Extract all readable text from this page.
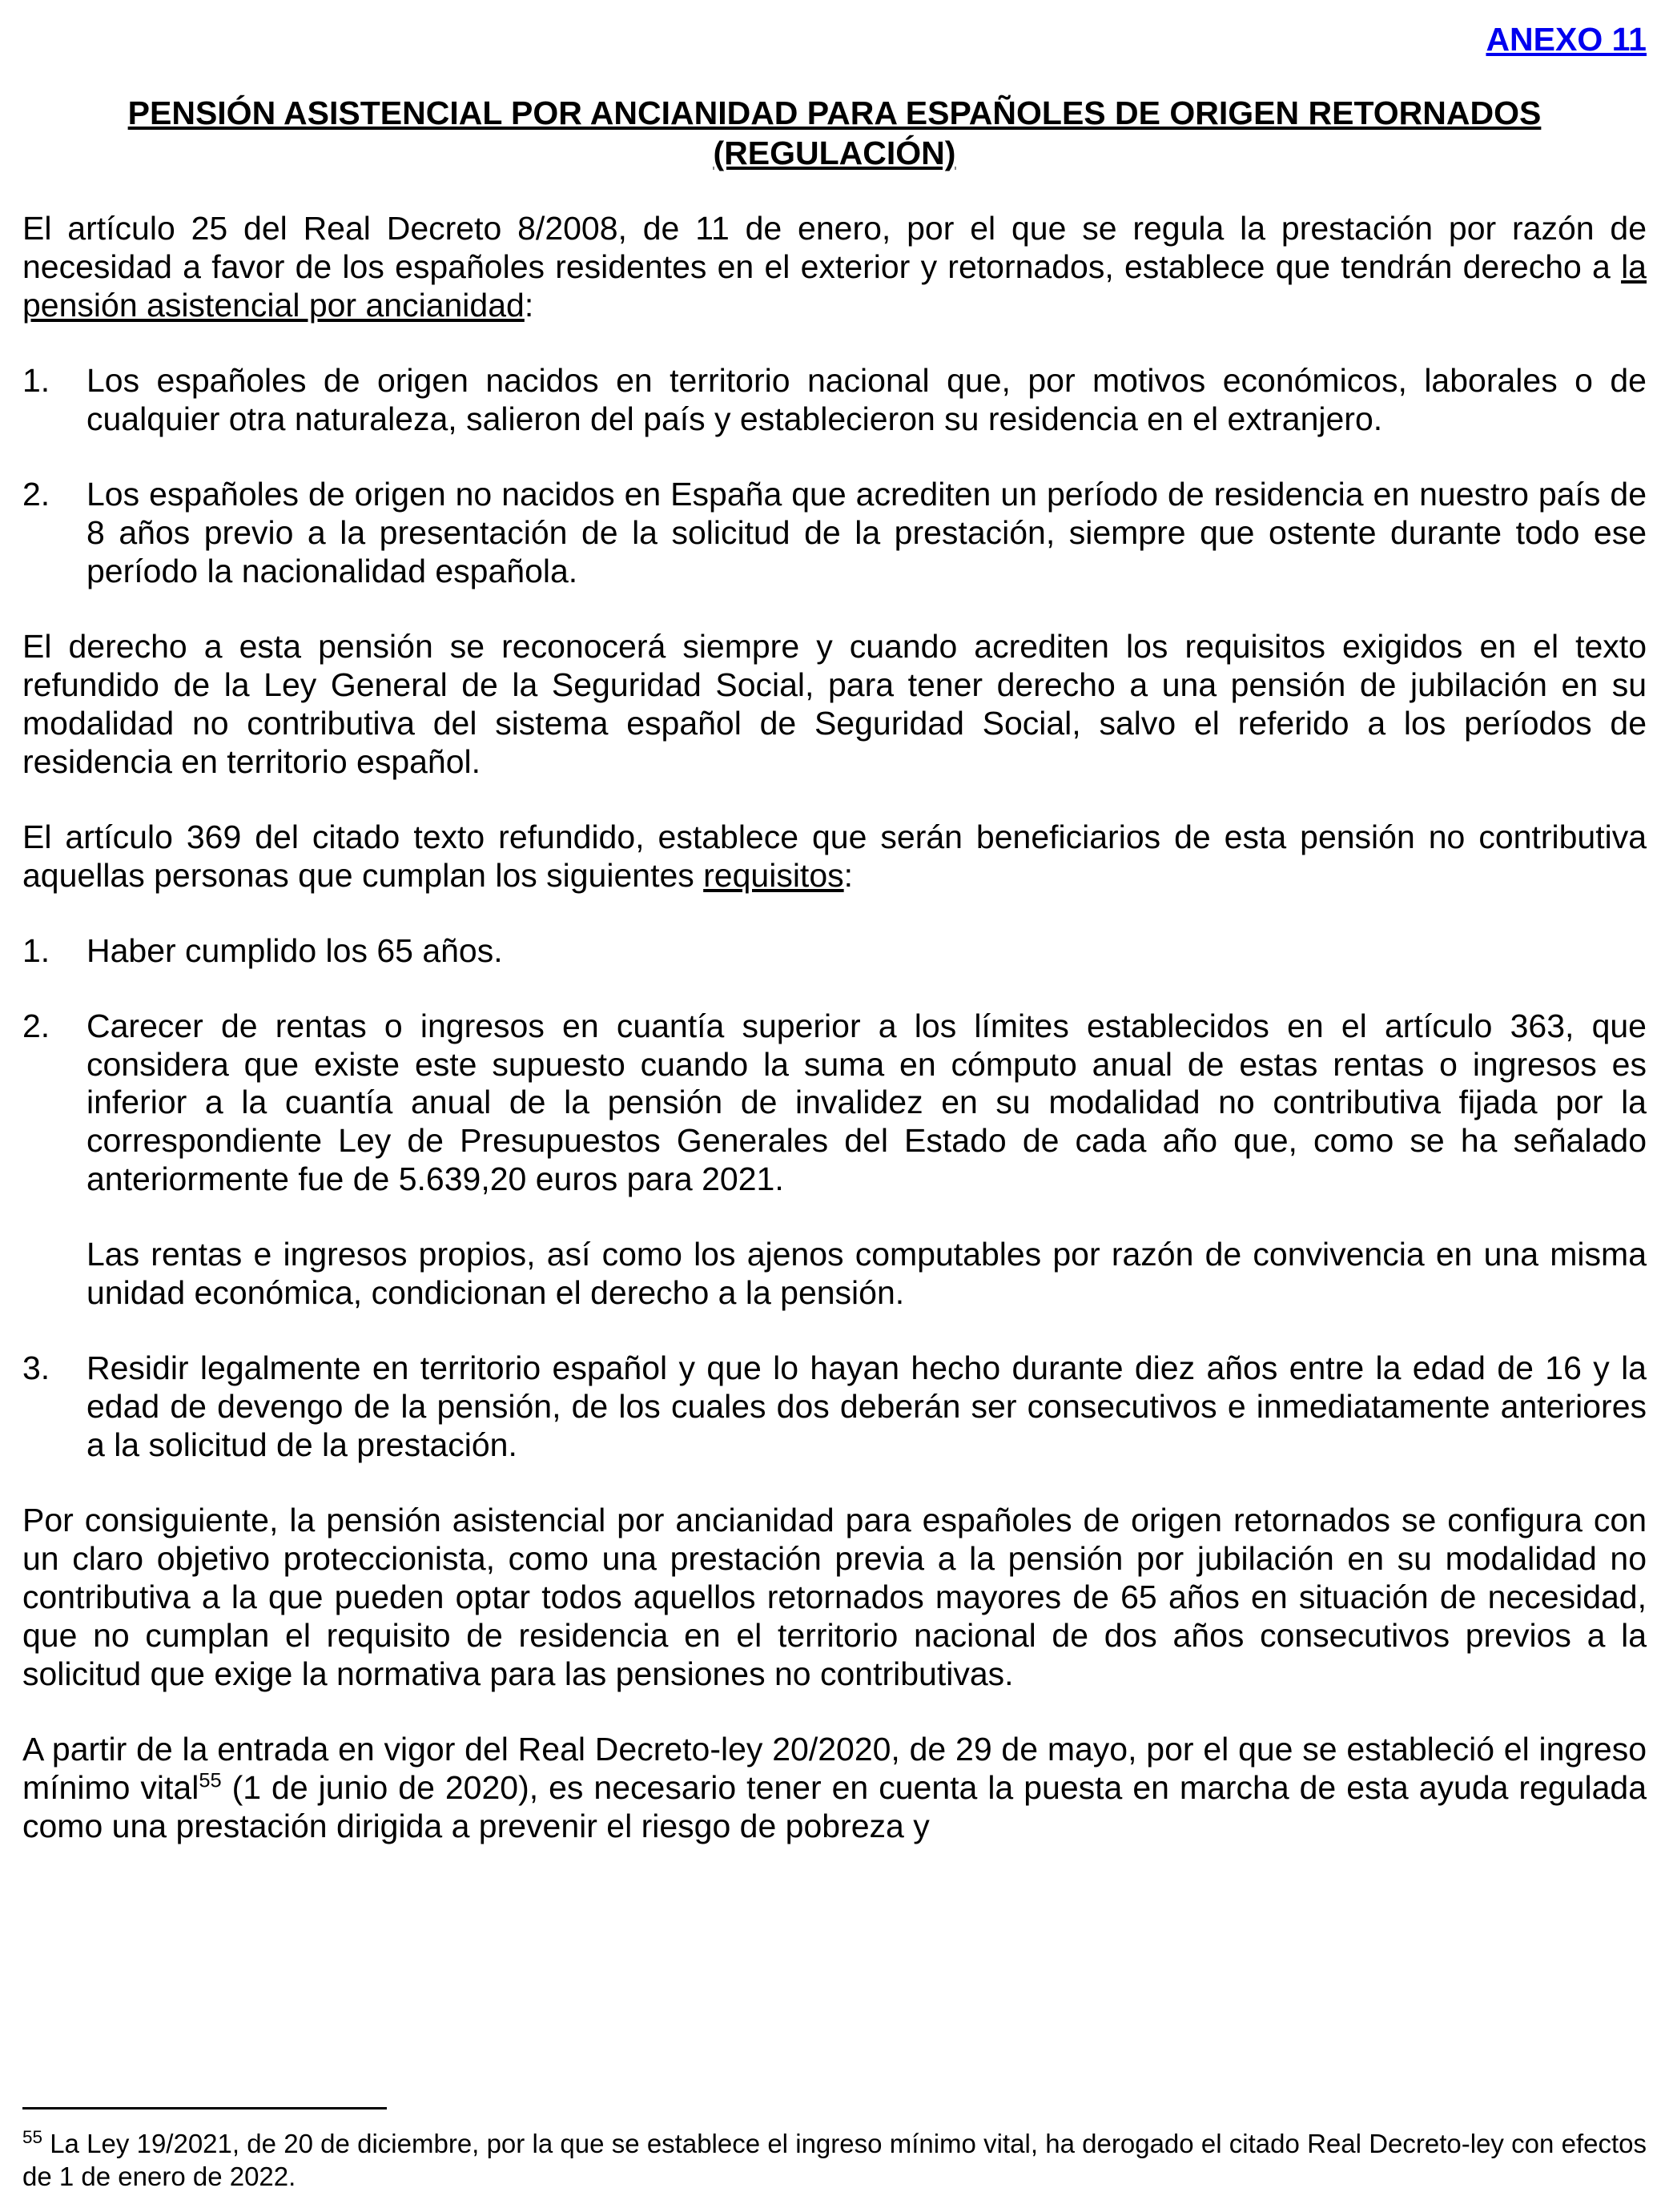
ANEXO 11
PENSIÓN ASISTENCIAL POR ANCIANIDAD PARA ESPAÑOLES DE ORIGEN RETORNADOS
(REGULACIÓN)

El artículo 25 del Real Decreto 8/2008, de 11 de enero, por el que se regula la prestación por razón de necesidad a favor de los españoles residentes en el exterior y retornados, establece que tendrán derecho a la pensión asistencial por ancianidad:

1.	Los españoles de origen nacidos en territorio nacional que, por motivos económicos, laborales o de cualquier otra naturaleza, salieron del país y establecieron su residencia en el extranjero.
2.	Los españoles de origen no nacidos en España que acrediten un período de residencia en nuestro país de 8 años previo a la presentación de la solicitud de la prestación, siempre que ostente durante todo ese período la nacionalidad española.

El derecho a esta pensión se reconocerá siempre y cuando acrediten los requisitos exigidos en el texto refundido de la Ley General de la Seguridad Social, para tener derecho a una pensión de jubilación en su modalidad no contributiva del sistema español de Seguridad Social, salvo el referido a los períodos de residencia en territorio español.

El artículo 369 del citado texto refundido, establece que serán beneficiarios de esta pensión no contributiva aquellas personas que cumplan los siguientes requisitos:

1.	Haber cumplido los 65 años.
2.	Carecer de rentas o ingresos en cuantía superior a los límites establecidos en el artículo 363, que considera que existe este supuesto cuando la suma en cómputo anual de estas rentas o ingresos es inferior a la cuantía anual de la pensión de invalidez en su modalidad no contributiva fijada por la correspondiente Ley de Presupuestos Generales del Estado de cada año que, como se ha señalado anteriormente fue de 5.639,20 euros para 2021.

Las rentas e ingresos propios, así como los ajenos computables por razón de convivencia en una misma unidad económica, condicionan el derecho a la pensión.

3.	Residir legalmente en territorio español y que lo hayan hecho durante diez años entre la edad de 16 y la edad de devengo de la pensión, de los cuales dos deberán ser consecutivos e inmediatamente anteriores a la solicitud de la prestación.

Por consiguiente, la pensión asistencial por ancianidad para españoles de origen retornados se configura con un claro objetivo proteccionista, como una prestación previa a la pensión por jubilación en su modalidad no contributiva a la que pueden optar todos aquellos retornados mayores de 65 años en situación de necesidad, que no cumplan el requisito de residencia en el territorio nacional de dos años consecutivos previos a la solicitud que exige la normativa para las pensiones no contributivas.

A partir de la entrada en vigor del Real Decreto-ley 20/2020, de 29 de mayo, por el que se estableció el ingreso mínimo vital$^{55}$ (1 de junio de 2020), es necesario tener en cuenta la puesta en marcha de esta ayuda regulada como una prestación dirigida a prevenir el riesgo de pobreza y

$^{55}$ La Ley 19/2021, de 20 de diciembre, por la que se establece el ingreso mínimo vital, ha derogado el citado Real Decreto-ley con efectos de 1 de enero de 2022.
